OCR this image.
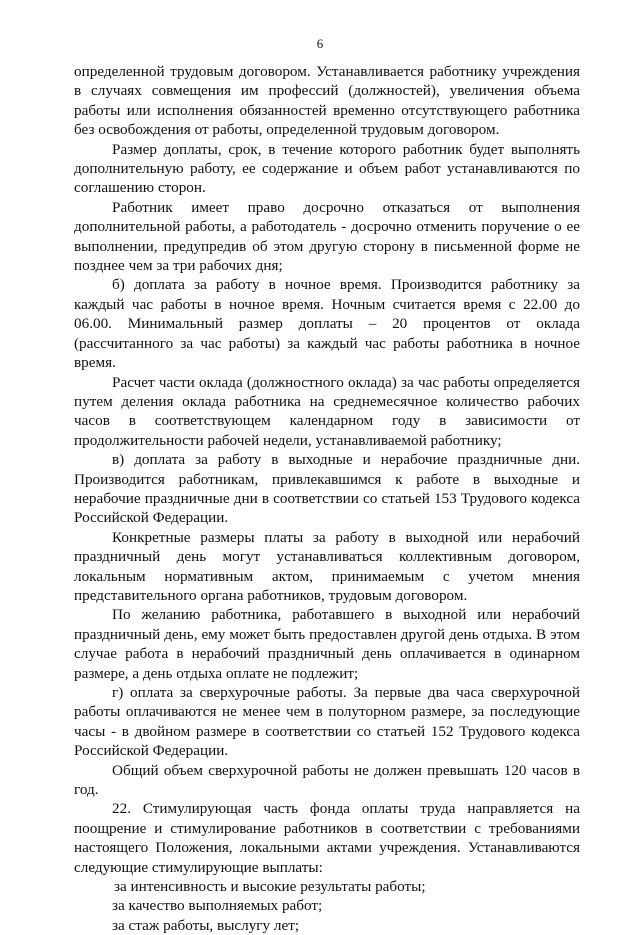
6

определенной трудовым договором. Устанавливается работнику учреждения в случаях совмещения им профессий (должностей), увеличения объема работы или исполнения обязанностей временно отсутствующего работника без освобождения от работы, определенной трудовым договором.

Размер доплаты, срок, в течение которого работник будет выполнять дополнительную работу, ее содержание и объем работ устанавливаются по соглашению сторон.

Работник имеет право досрочно отказаться от выполнения дополнительной работы, а работодатель - досрочно отменить поручение о ее выполнении, предупредив об этом другую сторону в письменной форме не позднее чем за три рабочих дня;

б) доплата за работу в ночное время. Производится работнику за каждый час работы в ночное время. Ночным считается время с 22.00 до 06.00. Минимальный размер доплаты – 20 процентов от оклада (рассчитанного за час работы) за каждый час работы работника в ночное время.

Расчет части оклада (должностного оклада) за час работы определяется путем деления оклада работника на среднемесячное количество рабочих часов в соответствующем календарном году в зависимости от продолжительности рабочей недели, устанавливаемой работнику;

в) доплата за работу в выходные и нерабочие праздничные дни. Производится работникам, привлекавшимся к работе в выходные и нерабочие праздничные дни в соответствии со статьей 153 Трудового кодекса Российской Федерации.

Конкретные размеры платы за работу в выходной или нерабочий праздничный день могут устанавливаться коллективным договором, локальным нормативным актом, принимаемым с учетом мнения представительного органа работников, трудовым договором.

По желанию работника, работавшего в выходной или нерабочий праздничный день, ему может быть предоставлен другой день отдыха. В этом случае работа в нерабочий праздничный день оплачивается в одинарном размере, а день отдыха оплате не подлежит;

г) оплата за сверхурочные работы. За первые два часа сверхурочной работы оплачиваются не менее чем в полуторном размере, за последующие часы - в двойном размере в соответствии со статьей 152 Трудового кодекса Российской Федерации.

Общий объем сверхурочной работы не должен превышать 120 часов в год.

22. Стимулирующая часть фонда оплаты труда направляется на поощрение и стимулирование работников в соответствии с требованиями настоящего Положения, локальными актами учреждения. Устанавливаются следующие стимулирующие выплаты:

за интенсивность и высокие результаты работы;

за качество выполняемых работ;

за стаж работы, выслугу лет;
